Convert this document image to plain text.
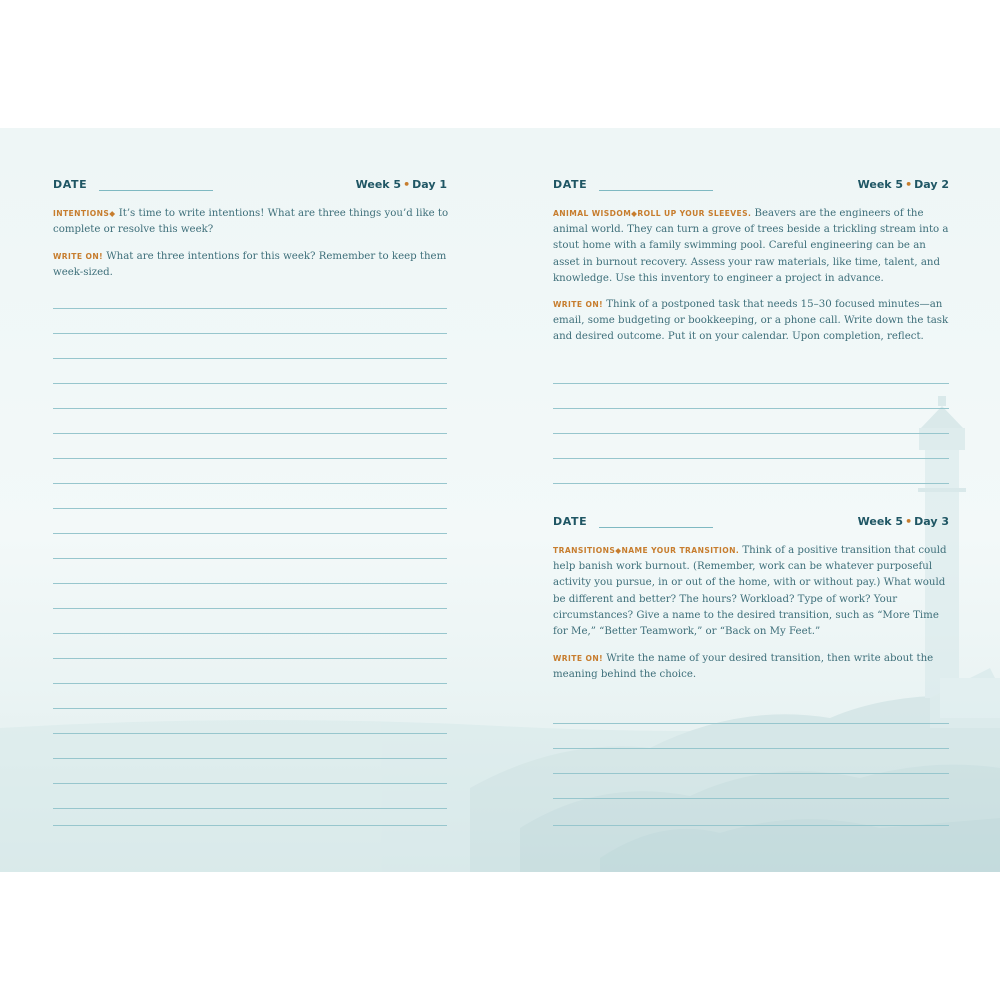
DATE	Week 5 • Day 1

INTENTIONS◆ It’s time to write intentions! What are three things you’d like to complete or resolve this week?

WRITE ON! What are three intentions for this week? Remember to keep them week-sized.

DATE	Week 5 • Day 2

ANIMAL WISDOM◆ROLL UP YOUR SLEEVES. Beavers are the engineers of the animal world. They can turn a grove of trees beside a trickling stream into a stout home with a family swimming pool. Careful engineering can be an asset in burnout recovery. Assess your raw materials, like time, talent, and knowledge. Use this inventory to engineer a project in advance.

WRITE ON! Think of a postponed task that needs 15–30 focused minutes—an email, some budgeting or bookkeeping, or a phone call. Write down the task and desired outcome. Put it on your calendar. Upon completion, reflect.

DATE	Week 5 • Day 3

TRANSITIONS◆NAME YOUR TRANSITION. Think of a positive transition that could help banish work burnout. (Remember, work can be whatever purposeful activity you pursue, in or out of the home, with or without pay.) What would be different and better? The hours? Workload? Type of work? Your circumstances? Give a name to the desired transition, such as “More Time for Me,” “Better Teamwork,” or “Back on My Feet.”

WRITE ON! Write the name of your desired transition, then write about the meaning behind the choice.
